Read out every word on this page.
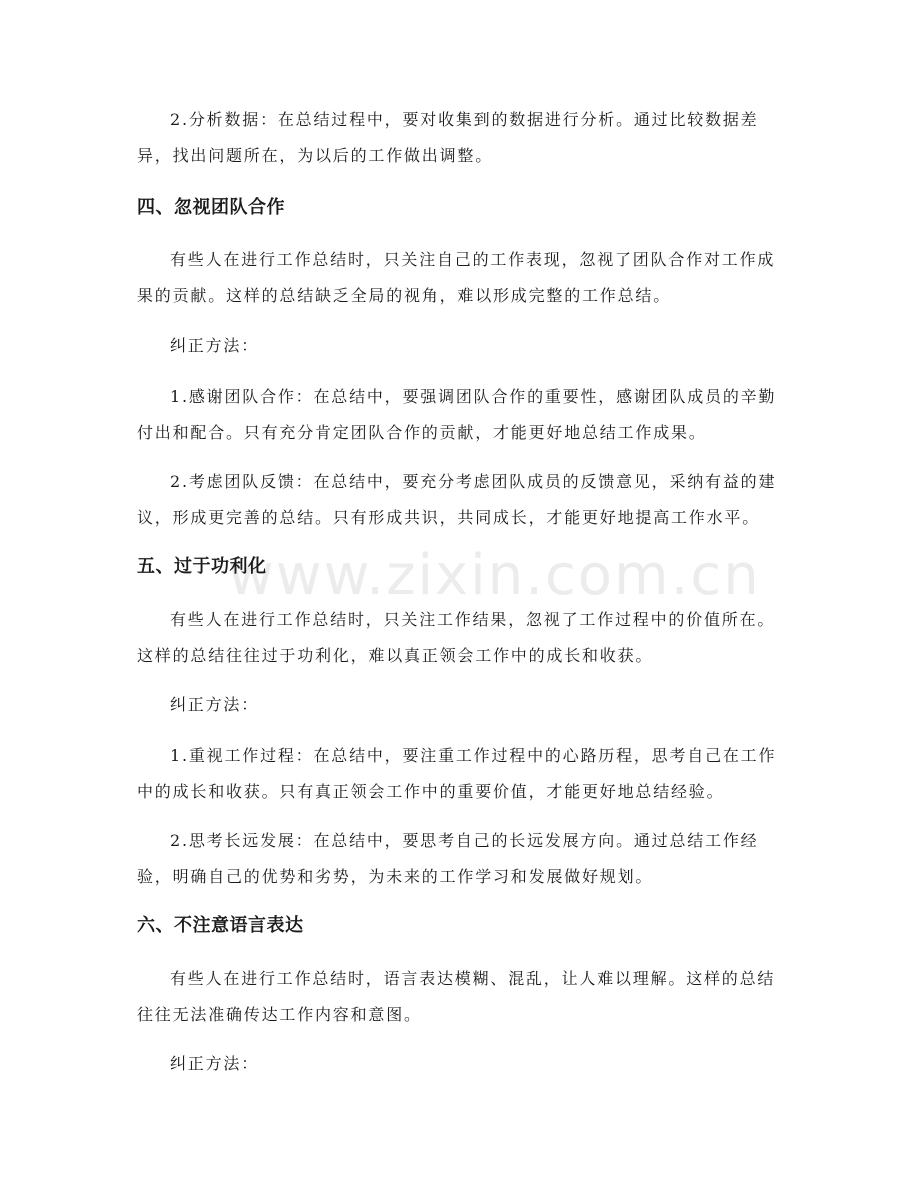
www.zixin.com.cn

2.分析数据：在总结过程中，要对收集到的数据进行分析。通过比较数据差异，找出问题所在，为以后的工作做出调整。

四、忽视团队合作

有些人在进行工作总结时，只关注自己的工作表现，忽视了团队合作对工作成果的贡献。这样的总结缺乏全局的视角，难以形成完整的工作总结。

纠正方法：

1.感谢团队合作：在总结中，要强调团队合作的重要性，感谢团队成员的辛勤付出和配合。只有充分肯定团队合作的贡献，才能更好地总结工作成果。

2.考虑团队反馈：在总结中，要充分考虑团队成员的反馈意见，采纳有益的建议，形成更完善的总结。只有形成共识，共同成长，才能更好地提高工作水平。

五、过于功利化

有些人在进行工作总结时，只关注工作结果，忽视了工作过程中的价值所在。这样的总结往往过于功利化，难以真正领会工作中的成长和收获。

纠正方法：

1.重视工作过程：在总结中，要注重工作过程中的心路历程，思考自己在工作中的成长和收获。只有真正领会工作中的重要价值，才能更好地总结经验。

2.思考长远发展：在总结中，要思考自己的长远发展方向。通过总结工作经验，明确自己的优势和劣势，为未来的工作学习和发展做好规划。

六、不注意语言表达

有些人在进行工作总结时，语言表达模糊、混乱，让人难以理解。这样的总结往往无法准确传达工作内容和意图。

纠正方法：
